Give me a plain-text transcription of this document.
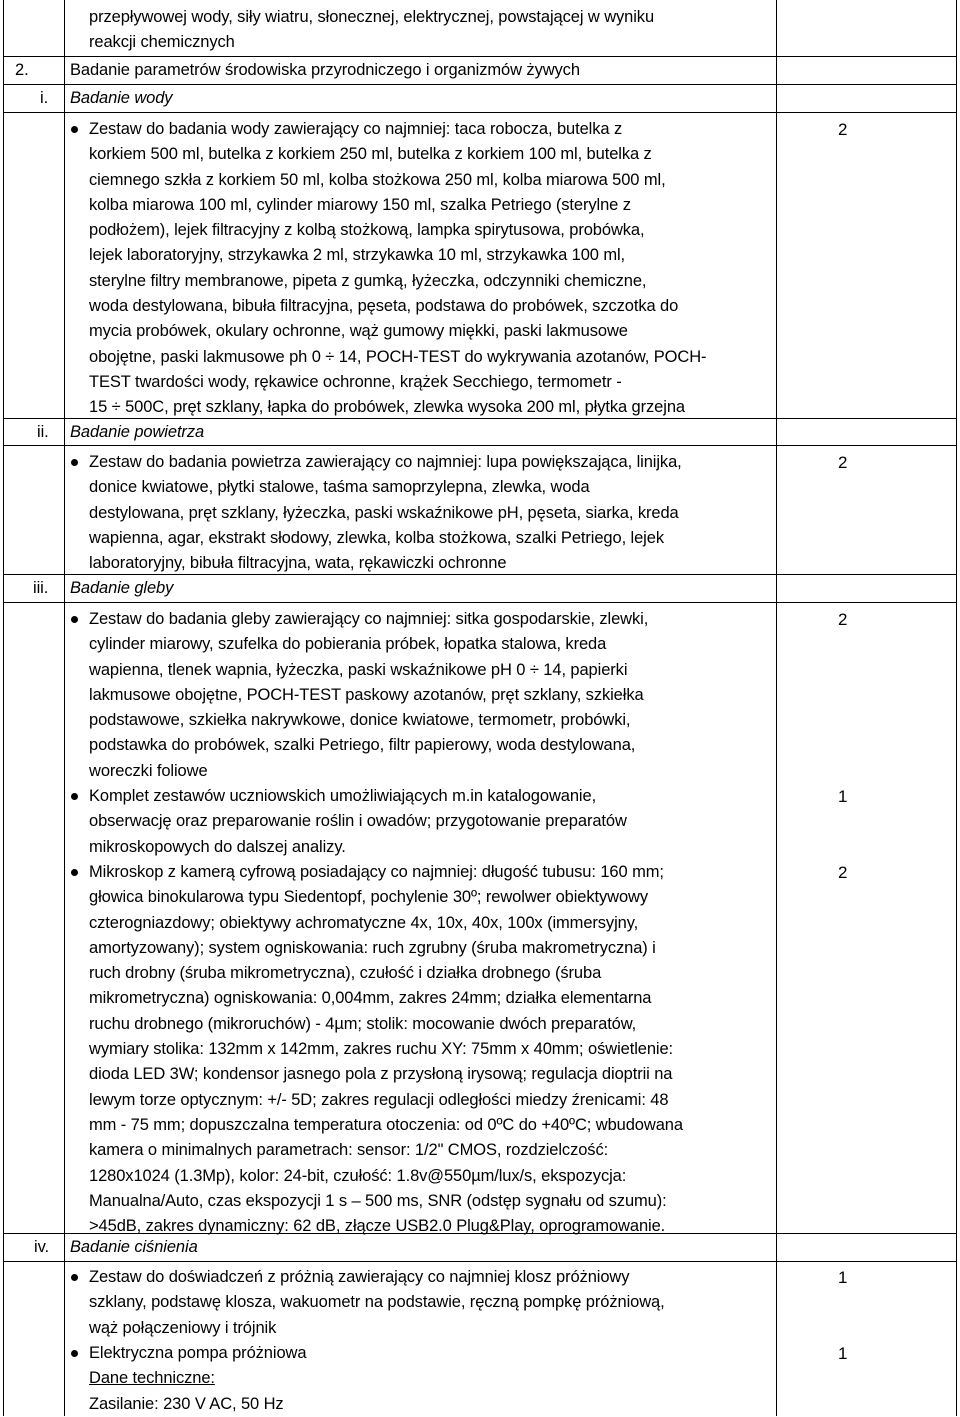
przepływowej wody, siły wiatru, słonecznej, elektrycznej, powstającej w wyniku
reakcji chemicznych
2.	Badanie parametrów środowiska przyrodniczego i organizmów żywych
i. Badanie wody
Zestaw do badania wody zawierający co najmniej: taca robocza, butelka z
korkiem 500 ml, butelka z korkiem 250 ml, butelka z korkiem 100 ml, butelka z
ciemnego szkła z korkiem 50 ml, kolba stożkowa 250 ml, kolba miarowa 500 ml,
kolba miarowa 100 ml, cylinder miarowy 150 ml, szalka Petriego (sterylne z
podłożem), lejek filtracyjny z kolbą stożkową, lampka spirytusowa, probówka,
lejek laboratoryjny, strzykawka 2 ml, strzykawka 10 ml, strzykawka 100 ml,
sterylne filtry membranowe, pipeta z gumką, łyżeczka, odczynniki chemiczne,
woda destylowana, bibuła filtracyjna, pęseta, podstawa do probówek, szczotka do
mycia probówek, okulary ochronne, wąż gumowy miękki, paski lakmusowe
obojętne, paski lakmusowe ph 0 ÷ 14, POCH-TEST do wykrywania azotanów, POCH-
TEST twardości wody, rękawice ochronne, krążek Secchiego, termometr -
15 ÷ 500C, pręt szklany, łapka do probówek, zlewka wysoka 200 ml, płytka grzejna
2
ii. Badanie powietrza
Zestaw do badania powietrza zawierający co najmniej: lupa powiększająca, linijka,
donice kwiatowe, płytki stalowe, taśma samoprzylepna, zlewka, woda
destylowana, pręt szklany, łyżeczka, paski wskaźnikowe pH, pęseta, siarka, kreda
wapienna, agar, ekstrakt słodowy, zlewka, kolba stożkowa, szalki Petriego, lejek
laboratoryjny, bibuła filtracyjna, wata, rękawiczki ochronne
2
iii. Badanie gleby
Zestaw do badania gleby zawierający co najmniej: sitka gospodarskie, zlewki,
cylinder miarowy, szufelka do pobierania próbek, łopatka stalowa, kreda
wapienna, tlenek wapnia, łyżeczka, paski wskaźnikowe pH 0 ÷ 14, papierki
lakmusowe obojętne, POCH-TEST paskowy azotanów, pręt szklany, szkiełka
podstawowe, szkiełka nakrywkowe, donice kwiatowe, termometr, probówki,
podstawka do probówek, szalki Petriego, filtr papierowy, woda destylowana,
woreczki foliowe
2
Komplet zestawów uczniowskich umożliwiających m.in katalogowanie,
obserwację oraz preparowanie roślin i owadów; przygotowanie preparatów
mikroskopowych do dalszej analizy.
1
Mikroskop z kamerą cyfrową posiadający co najmniej: długość tubusu: 160 mm;
głowica binokularowa typu Siedentopf, pochylenie 30º; rewolwer obiektywowy
czterogniazdowy; obiektywy achromatyczne 4x, 10x, 40x, 100x (immersyjny,
amortyzowany); system ogniskowania: ruch zgrubny (śruba makrometryczna) i
ruch drobny (śruba mikrometryczna), czułość i działka drobnego (śruba
mikrometryczna) ogniskowania: 0,004mm, zakres 24mm; działka elementarna
ruchu drobnego (mikroruchów) - 4µm; stolik: mocowanie dwóch preparatów,
wymiary stolika: 132mm x 142mm, zakres ruchu XY: 75mm x 40mm; oświetlenie:
dioda LED 3W; kondensor jasnego pola z przysłoną irysową; regulacja dioptrii na
lewym torze optycznym: +/- 5D; zakres regulacji odległości miedzy źrenicami: 48
mm - 75 mm; dopuszczalna temperatura otoczenia: od 0ºC do +40ºC; wbudowana
kamera o minimalnych parametrach: sensor: 1/2" CMOS, rozdzielczość:
1280x1024 (1.3Mp), kolor: 24-bit, czułość: 1.8v@550µm/lux/s, ekspozycja:
Manualna/Auto, czas ekspozycji 1 s – 500 ms, SNR (odstęp sygnału od szumu):
>45dB, zakres dynamiczny: 62 dB, złącze USB2.0 Plug&Play, oprogramowanie.
2
iv. Badanie ciśnienia
Zestaw do doświadczeń z próżnią zawierający co najmniej klosz próżniowy
szklany, podstawę klosza, wakuometr na podstawie, ręczną pompkę próżniową,
wąż połączeniowy i trójnik
1
Elektryczna pompa próżniowa
Dane techniczne:
Zasilanie: 230 V AC, 50 Hz
1
